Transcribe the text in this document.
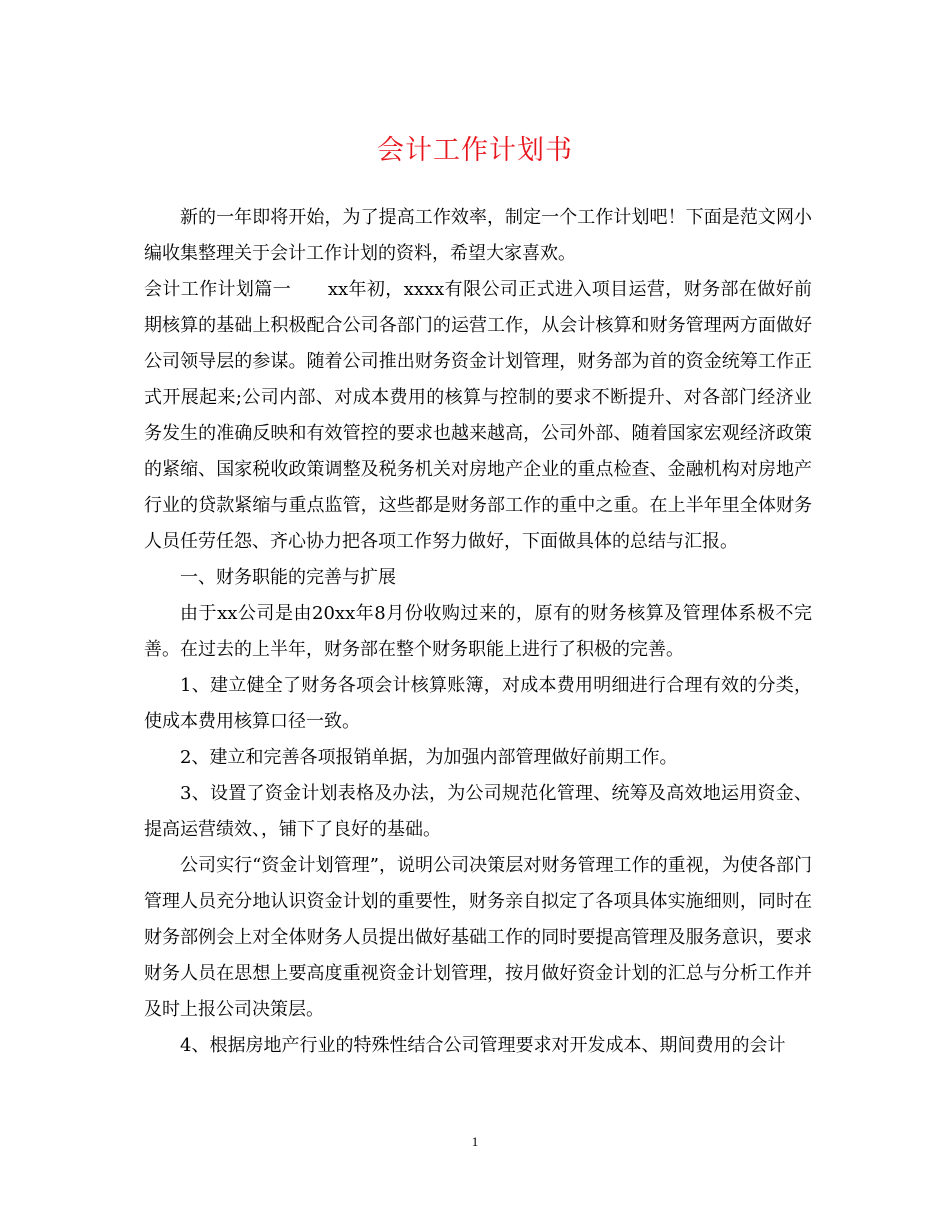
会计工作计划书

新的一年即将开始，为了提高工作效率，制定一个工作计划吧！下面是范文网小编收集整理关于会计工作计划的资料，希望大家喜欢。

会计工作计划篇一　　xx年初，xxxx有限公司正式进入项目运营，财务部在做好前期核算的基础上积极配合公司各部门的运营工作，从会计核算和财务管理两方面做好公司领导层的参谋。随着公司推出财务资金计划管理，财务部为首的资金统筹工作正式开展起来;公司内部、对成本费用的核算与控制的要求不断提升、对各部门经济业务发生的准确反映和有效管控的要求也越来越高，公司外部、随着国家宏观经济政策的紧缩、国家税收政策调整及税务机关对房地产企业的重点检查、金融机构对房地产行业的贷款紧缩与重点监管，这些都是财务部工作的重中之重。在上半年里全体财务人员任劳任怨、齐心协力把各项工作努力做好，下面做具体的总结与汇报。

一、财务职能的完善与扩展

由于xx公司是由20xx年8月份收购过来的，原有的财务核算及管理体系极不完善。在过去的上半年，财务部在整个财务职能上进行了积极的完善。

1、建立健全了财务各项会计核算账簿，对成本费用明细进行合理有效的分类，使成本费用核算口径一致。

2、建立和完善各项报销单据，为加强内部管理做好前期工作。

3、设置了资金计划表格及办法，为公司规范化管理、统筹及高效地运用资金、提高运营绩效、，铺下了良好的基础。

公司实行“资金计划管理”，说明公司决策层对财务管理工作的重视，为使各部门管理人员充分地认识资金计划的重要性，财务亲自拟定了各项具体实施细则，同时在财务部例会上对全体财务人员提出做好基础工作的同时要提高管理及服务意识，要求财务人员在思想上要高度重视资金计划管理，按月做好资金计划的汇总与分析工作并及时上报公司决策层。

4、根据房地产行业的特殊性结合公司管理要求对开发成本、期间费用的会计

1
